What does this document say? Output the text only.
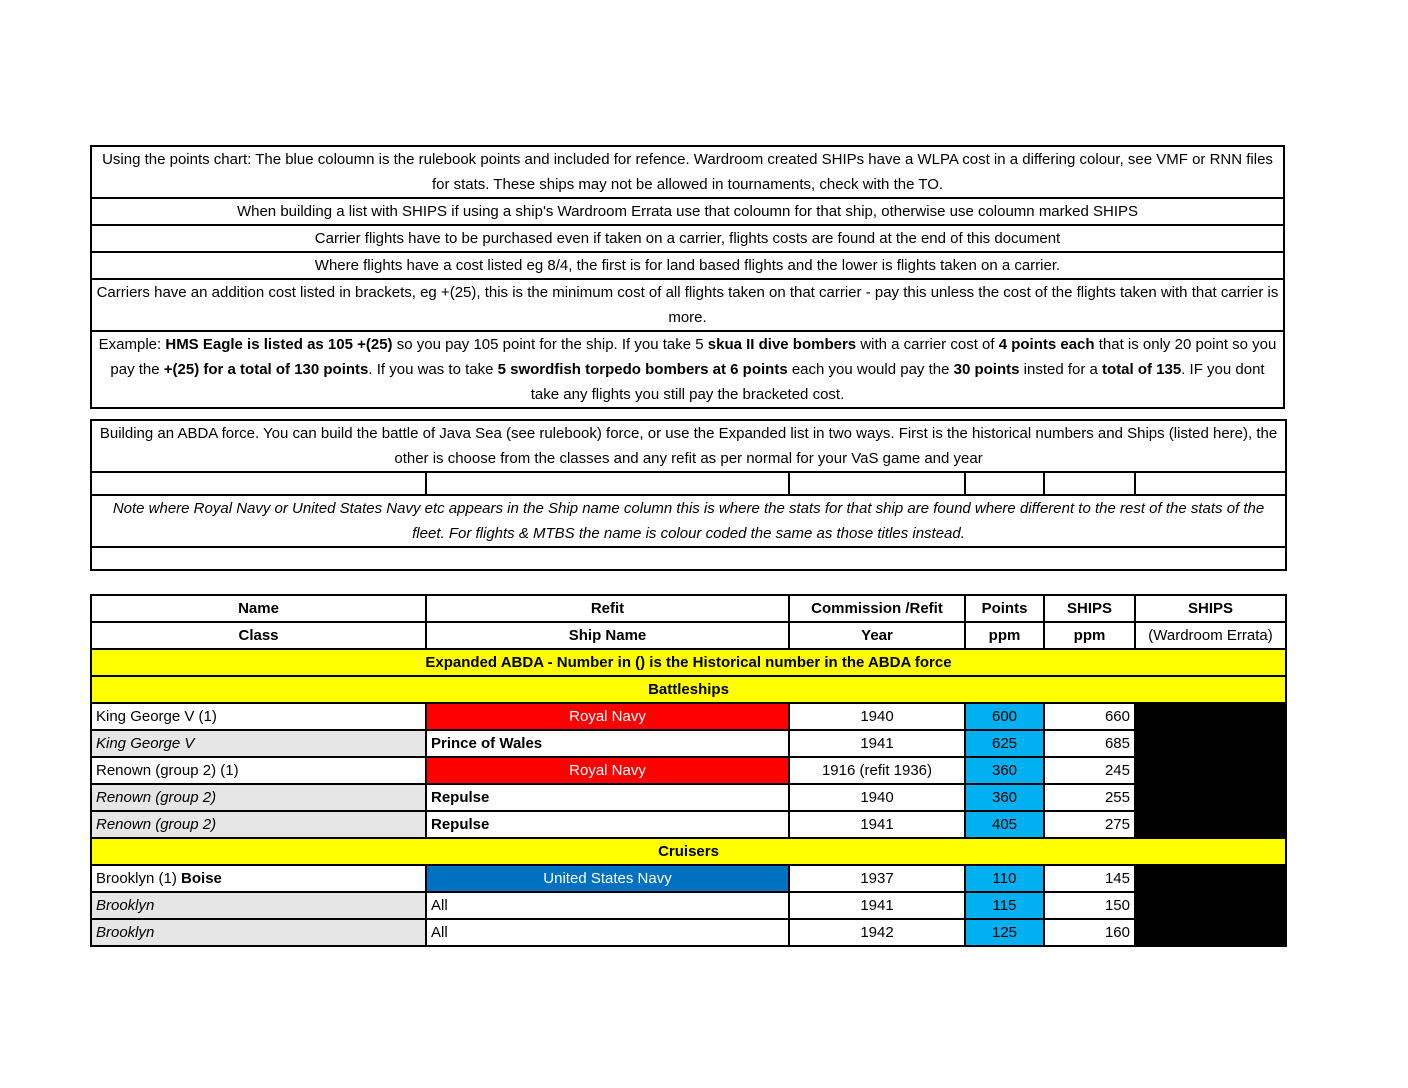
Using the points chart: The blue coloumn is the rulebook points and included for refence. Wardroom created SHIPs have a WLPA cost in a differing colour, see VMF or RNN files for stats. These ships may not be allowed in tournaments, check with the TO.
When building a list with SHIPS if using a ship's Wardroom Errata use that coloumn for that ship, otherwise use coloumn marked SHIPS
Carrier flights have to be purchased even if taken on a carrier, flights costs are found at the end of this document
Where flights have a cost listed eg 8/4, the first is for land based flights and the lower is flights taken on a carrier.
Carriers have an addition cost listed in brackets, eg +(25), this is the minimum cost of all flights taken on that carrier - pay this unless the cost of the flights taken with that carrier is more.
Example: HMS Eagle is listed as 105 +(25) so you pay 105 point for the ship. If you take 5 skua II dive bombers with a carrier cost of 4 points each that is only 20 point so you pay the +(25) for a total of 130 points. If you was to take 5 swordfish torpedo bombers at 6 points each you would pay the 30 points insted for a total of 135. IF you dont take any flights you still pay the bracketed cost.
Building an ABDA force. You can build the battle of Java Sea (see rulebook) force, or use the Expanded list in two ways. First is the historical numbers and Ships (listed here), the other is choose from the classes and any refit as per normal for your VaS game and year

Note where Royal Navy or United States Navy etc appears in the Ship name column this is where the stats for that ship are found where different to the rest of the stats of the fleet. For flights & MTBS the name is colour coded the same as those titles instead.

Name	Refit	Commission /Refit	Points	SHIPS	SHIPS
Class	Ship Name	Year	ppm	ppm	(Wardroom Errata)
Expanded ABDA - Number in () is the Historical number in the ABDA force					
Battleships					
King George V (1)	Royal Navy	1940	600	660	
King George V	Prince of Wales	1941	625	685	
Renown (group 2) (1)	Royal Navy	1916 (refit 1936)	360	245	
Renown (group 2)	Repulse	1940	360	255	
Renown (group 2)	Repulse	1941	405	275	
Cruisers					
Brooklyn (1) Boise	United States Navy	1937	110	145	
Brooklyn	All	1941	115	150	
Brooklyn	All	1942	125	160	
